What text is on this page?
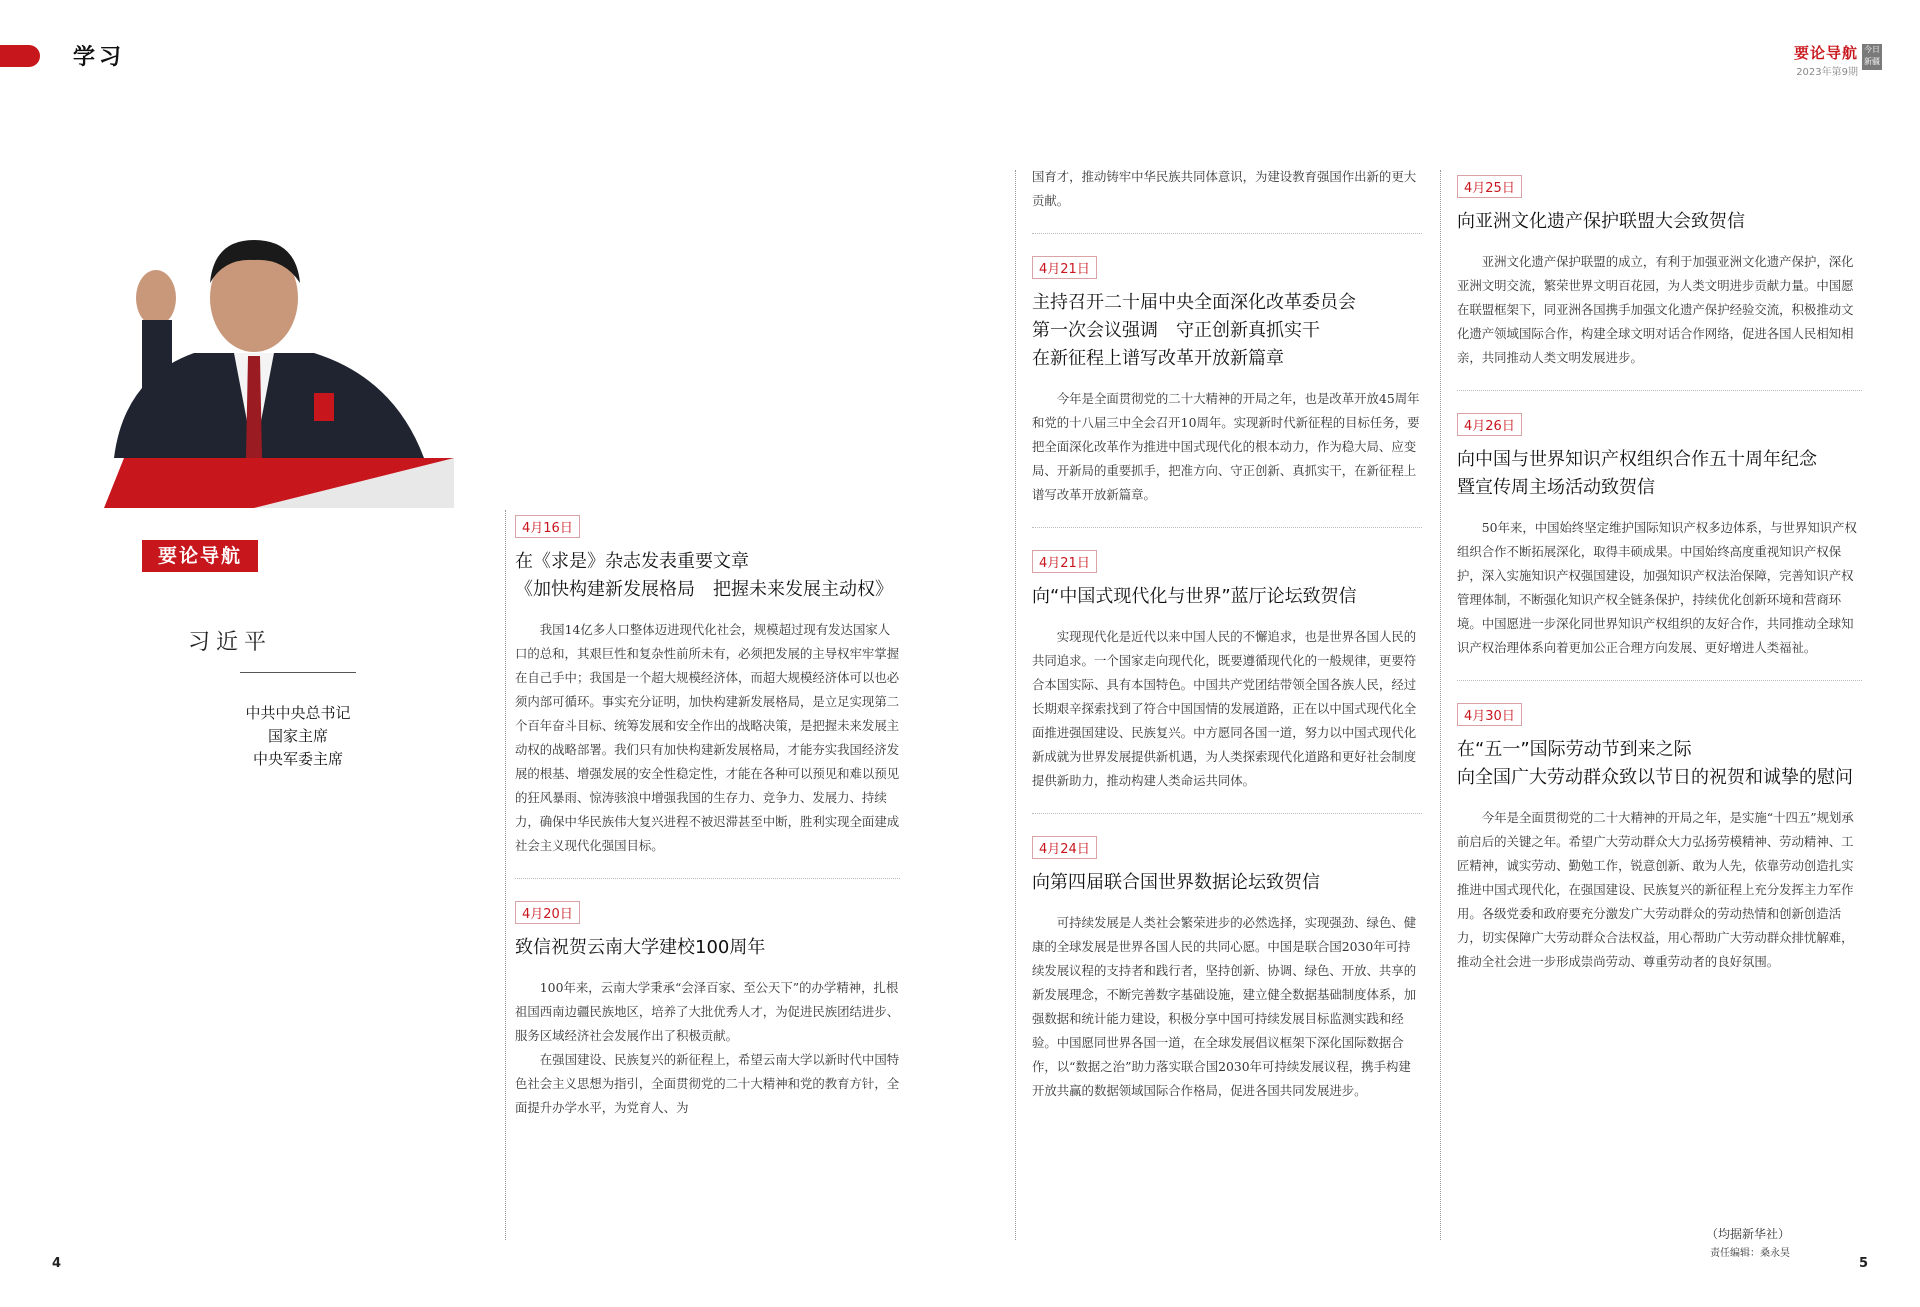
学习	要论导航
2023年第9期
今日
新疆
要论导航
习近平
中共中央总书记
国家主席
中央军委主席
4月16日
在《求是》杂志发表重要文章
《加快构建新发展格局　把握未来发展主动权》

我国14亿多人口整体迈进现代化社会，规模超过现有发达国家人口的总和，其艰巨性和复杂性前所未有，必须把发展的主导权牢牢掌握在自己手中；我国是一个超大规模经济体，而超大规模经济体可以也必须内部可循环。事实充分证明，加快构建新发展格局，是立足实现第二个百年奋斗目标、统筹发展和安全作出的战略决策，是把握未来发展主动权的战略部署。我们只有加快构建新发展格局，才能夯实我国经济发展的根基、增强发展的安全性稳定性，才能在各种可以预见和难以预见的狂风暴雨、惊涛骇浪中增强我国的生存力、竞争力、发展力、持续力，确保中华民族伟大复兴进程不被迟滞甚至中断，胜利实现全面建成社会主义现代化强国目标。

4月20日
致信祝贺云南大学建校100周年

100年来，云南大学秉承“会泽百家、至公天下”的办学精神，扎根祖国西南边疆民族地区，培养了大批优秀人才，为促进民族团结进步、服务区域经济社会发展作出了积极贡献。

在强国建设、民族复兴的新征程上，希望云南大学以新时代中国特色社会主义思想为指引，全面贯彻党的二十大精神和党的教育方针，全面提升办学水平，为党育人、为

国育才，推动铸牢中华民族共同体意识，为建设教育强国作出新的更大贡献。

4月21日
主持召开二十届中央全面深化改革委员会
第一次会议强调　守正创新真抓实干
在新征程上谱写改革开放新篇章

今年是全面贯彻党的二十大精神的开局之年，也是改革开放45周年和党的十八届三中全会召开10周年。实现新时代新征程的目标任务，要把全面深化改革作为推进中国式现代化的根本动力，作为稳大局、应变局、开新局的重要抓手，把准方向、守正创新、真抓实干，在新征程上谱写改革开放新篇章。

4月21日
向“中国式现代化与世界”蓝厅论坛致贺信

实现现代化是近代以来中国人民的不懈追求，也是世界各国人民的共同追求。一个国家走向现代化，既要遵循现代化的一般规律，更要符合本国实际、具有本国特色。中国共产党团结带领全国各族人民，经过长期艰辛探索找到了符合中国国情的发展道路，正在以中国式现代化全面推进强国建设、民族复兴。中方愿同各国一道，努力以中国式现代化新成就为世界发展提供新机遇，为人类探索现代化道路和更好社会制度提供新助力，推动构建人类命运共同体。

4月24日
向第四届联合国世界数据论坛致贺信

可持续发展是人类社会繁荣进步的必然选择，实现强劲、绿色、健康的全球发展是世界各国人民的共同心愿。中国是联合国2030年可持续发展议程的支持者和践行者，坚持创新、协调、绿色、开放、共享的新发展理念，不断完善数字基础设施，建立健全数据基础制度体系，加强数据和统计能力建设，积极分享中国可持续发展目标监测实践和经验。中国愿同世界各国一道，在全球发展倡议框架下深化国际数据合作，以“数据之治”助力落实联合国2030年可持续发展议程，携手构建开放共赢的数据领域国际合作格局，促进各国共同发展进步。

4月25日
向亚洲文化遗产保护联盟大会致贺信

亚洲文化遗产保护联盟的成立，有利于加强亚洲文化遗产保护，深化亚洲文明交流，繁荣世界文明百花园，为人类文明进步贡献力量。中国愿在联盟框架下，同亚洲各国携手加强文化遗产保护经验交流，积极推动文化遗产领域国际合作，构建全球文明对话合作网络，促进各国人民相知相亲，共同推动人类文明发展进步。

4月26日
向中国与世界知识产权组织合作五十周年纪念
暨宣传周主场活动致贺信

50年来，中国始终坚定维护国际知识产权多边体系，与世界知识产权组织合作不断拓展深化，取得丰硕成果。中国始终高度重视知识产权保护，深入实施知识产权强国建设，加强知识产权法治保障，完善知识产权管理体制，不断强化知识产权全链条保护，持续优化创新环境和营商环境。中国愿进一步深化同世界知识产权组织的友好合作，共同推动全球知识产权治理体系向着更加公正合理方向发展、更好增进人类福祉。

4月30日
在“五一”国际劳动节到来之际
向全国广大劳动群众致以节日的祝贺和诚挚的慰问

今年是全面贯彻党的二十大精神的开局之年，是实施“十四五”规划承前启后的关键之年。希望广大劳动群众大力弘扬劳模精神、劳动精神、工匠精神，诚实劳动、勤勉工作，锐意创新、敢为人先，依靠劳动创造扎实推进中国式现代化，在强国建设、民族复兴的新征程上充分发挥主力军作用。各级党委和政府要充分激发广大劳动群众的劳动热情和创新创造活力，切实保障广大劳动群众合法权益，用心帮助广大劳动群众排忧解难，推动全社会进一步形成崇尚劳动、尊重劳动者的良好氛围。

（均据新华社）
责任编辑：桑永昊
4	5
